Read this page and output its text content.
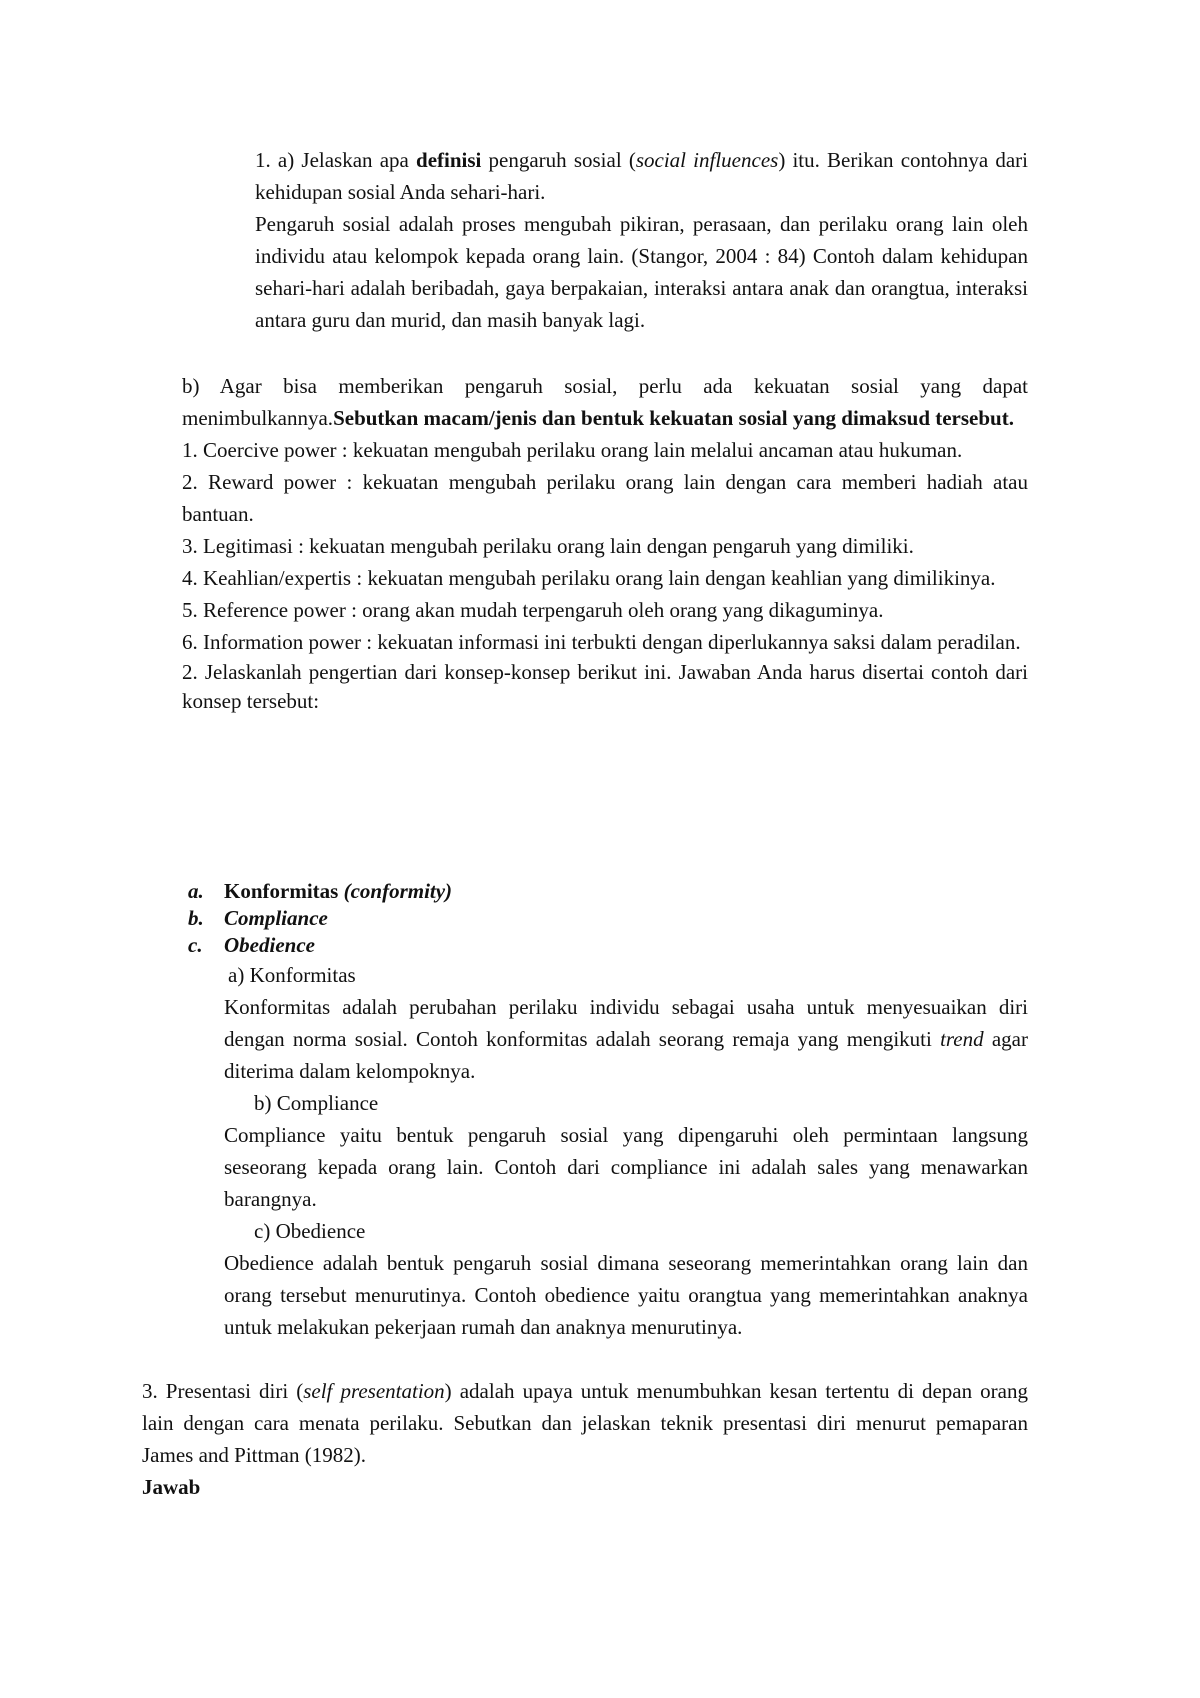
1. a) Jelaskan apa definisi pengaruh sosial (social influences) itu. Berikan contohnya dari kehidupan sosial Anda sehari-hari.

Pengaruh sosial adalah proses mengubah pikiran, perasaan, dan perilaku orang lain oleh individu atau kelompok kepada orang lain. (Stangor, 2004 : 84) Contoh dalam kehidupan sehari-hari adalah beribadah, gaya berpakaian, interaksi antara anak dan orangtua, interaksi antara guru dan murid, dan masih banyak lagi.

b) Agar bisa memberikan pengaruh sosial, perlu ada kekuatan sosial yang dapat menimbulkannya.Sebutkan macam/jenis dan bentuk kekuatan sosial yang dimaksud tersebut.

1. Coercive power : kekuatan mengubah perilaku orang lain melalui ancaman atau hukuman.

2. Reward power : kekuatan mengubah perilaku orang lain dengan cara memberi hadiah atau bantuan.

3. Legitimasi : kekuatan mengubah perilaku orang lain dengan pengaruh yang dimiliki.

4. Keahlian/expertis : kekuatan mengubah perilaku orang lain dengan keahlian yang dimilikinya.

5. Reference power : orang akan mudah terpengaruh oleh orang yang dikaguminya.

6. Information power : kekuatan informasi ini terbukti dengan diperlukannya saksi dalam peradilan.

2. Jelaskanlah pengertian dari konsep-konsep berikut ini. Jawaban Anda harus disertai contoh dari konsep tersebut:

a. Konformitas (conformity)
b. Compliance
c. Obedience

a) Konformitas

Konformitas adalah perubahan perilaku individu sebagai usaha untuk menyesuaikan diri dengan norma sosial. Contoh konformitas adalah seorang remaja yang mengikuti trend agar diterima dalam kelompoknya.

b) Compliance

Compliance yaitu bentuk pengaruh sosial yang dipengaruhi oleh permintaan langsung seseorang kepada orang lain. Contoh dari compliance ini adalah sales yang menawarkan barangnya.

c) Obedience

Obedience adalah bentuk pengaruh sosial dimana seseorang memerintahkan orang lain dan orang tersebut menurutinya. Contoh obedience yaitu orangtua yang memerintahkan anaknya untuk melakukan pekerjaan rumah dan anaknya menurutinya.

3. Presentasi diri (self presentation) adalah upaya untuk menumbuhkan kesan tertentu di depan orang lain dengan cara menata perilaku. Sebutkan dan jelaskan teknik presentasi diri menurut pemaparan James and Pittman (1982).

Jawab
